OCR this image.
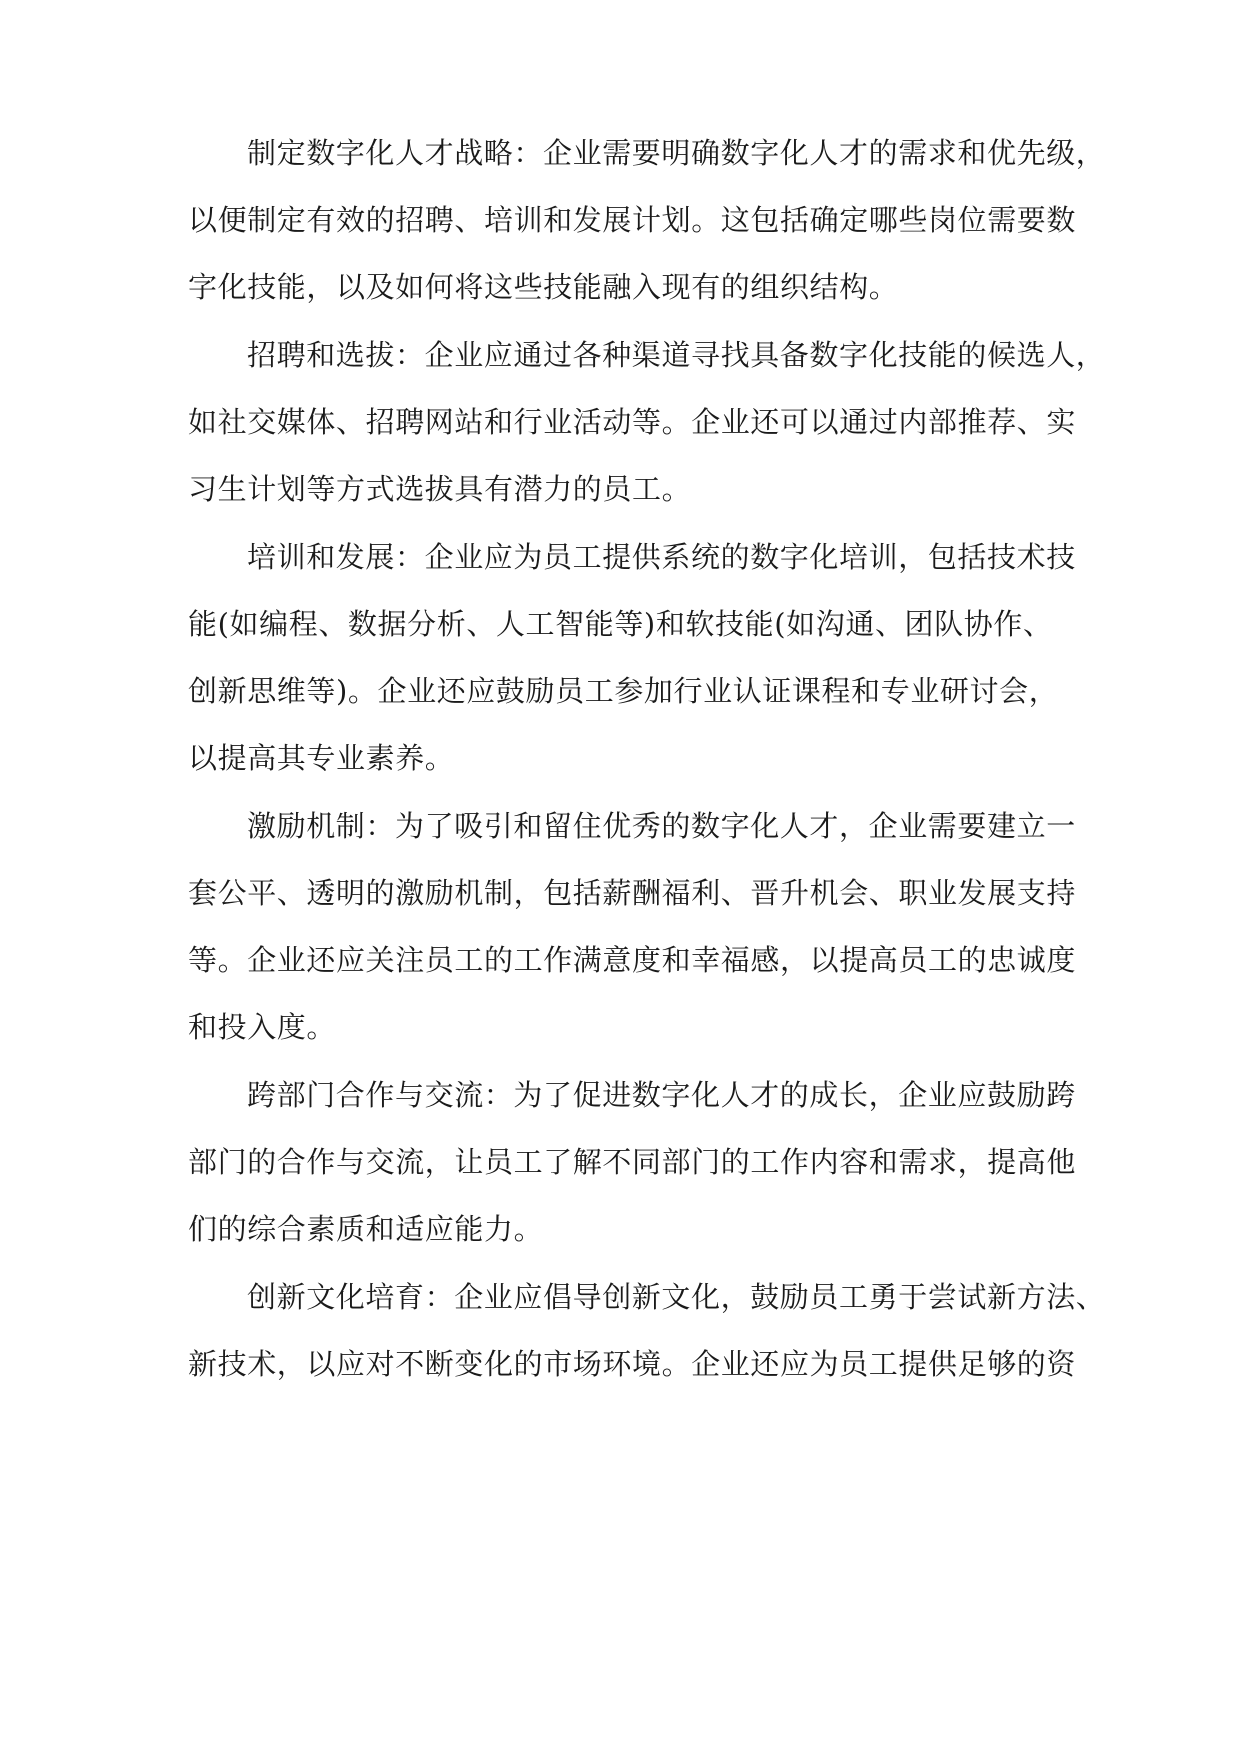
制定数字化人才战略：企业需要明确数字化人才的需求和优先级，
以便制定有效的招聘、培训和发展计划。这包括确定哪些岗位需要数
字化技能，以及如何将这些技能融入现有的组织结构。
招聘和选拔：企业应通过各种渠道寻找具备数字化技能的候选人，
如社交媒体、招聘网站和行业活动等。企业还可以通过内部推荐、实
习生计划等方式选拔具有潜力的员工。
培训和发展：企业应为员工提供系统的数字化培训，包括技术技
能(如编程、数据分析、人工智能等)和软技能(如沟通、团队协作、
创新思维等)。企业还应鼓励员工参加行业认证课程和专业研讨会，
以提高其专业素养。
激励机制：为了吸引和留住优秀的数字化人才，企业需要建立一
套公平、透明的激励机制，包括薪酬福利、晋升机会、职业发展支持
等。企业还应关注员工的工作满意度和幸福感，以提高员工的忠诚度
和投入度。
跨部门合作与交流：为了促进数字化人才的成长，企业应鼓励跨
部门的合作与交流，让员工了解不同部门的工作内容和需求，提高他
们的综合素质和适应能力。
创新文化培育：企业应倡导创新文化，鼓励员工勇于尝试新方法、
新技术，以应对不断变化的市场环境。企业还应为员工提供足够的资
